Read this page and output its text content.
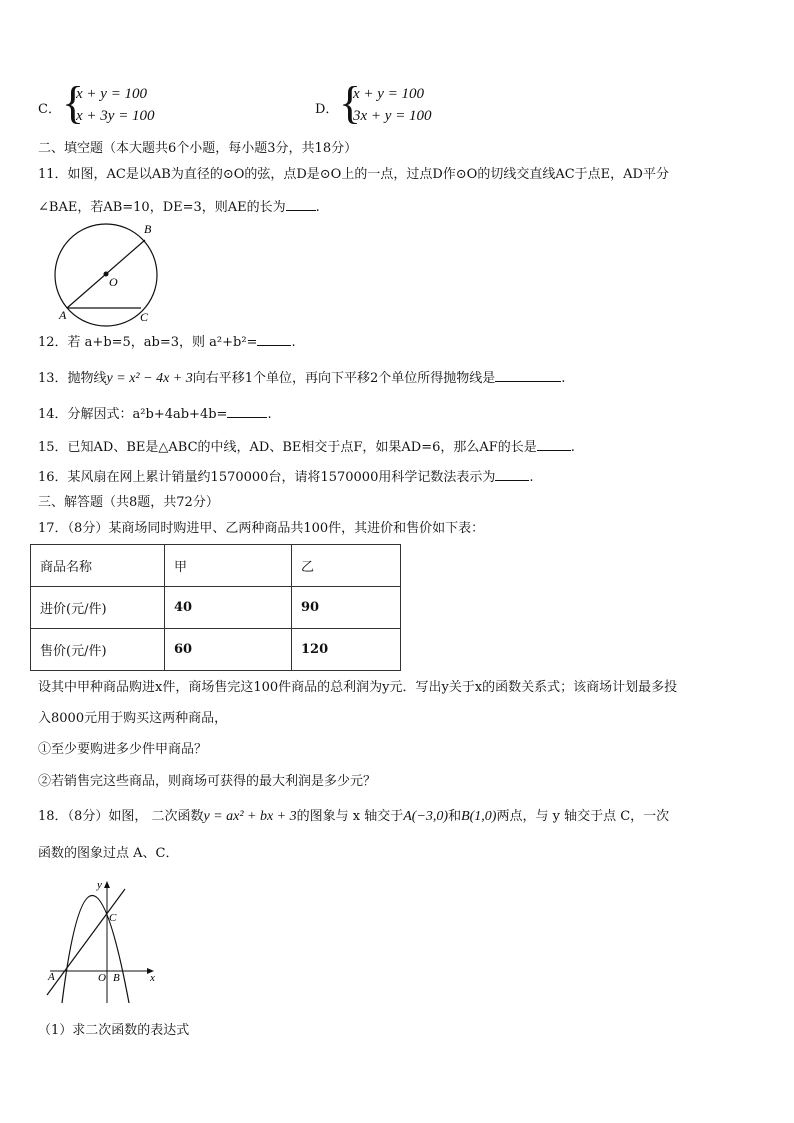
C． {
x + y = 100
x + 3y = 100	D． {
x + y = 100
3x + y = 100
二、填空题（本大题共6个小题，每小题3分，共18分）
11．如图，AC是以AB为直径的⊙O的弦，点D是⊙O上的一点，过点D作⊙O的切线交直线AC于点E，AD平分
∠BAE，若AB=10，DE=3，则AE的长为 .
B
O
A	C
12．若 a+b=5，ab=3，则 a²+b²=	.
13．抛物线y = x² − 4x + 3向右平移1个单位，再向下平移2个单位所得抛物线是	.
14．分解因式：a²b+4ab+4b=	.
15．已知AD、BE是△ABC的中线，AD、BE相交于点F，如果AD=6，那么AF的长是	.
16．某风扇在网上累计销量约1570000台，请将1570000用科学记数法表示为	.
三、解答题（共8题，共72分）
17．（8分）某商场同时购进甲、乙两种商品共100件，其进价和售价如下表：
商品名称	甲	乙
进价(元/件)	40	90
售价(元/件)	60	120
设其中甲种商品购进x件，商场售完这100件商品的总利润为y元．写出y关于x的函数关系式；该商场计划最多投
入8000元用于购买这两种商品，
①至少要购进多少件甲商品？
②若销售完这些商品，则商场可获得的最大利润是多少元？
18．（8分）如图， 二次函数y = ax² + bx + 3的图象与 x 轴交于A(−3,0)和B(1,0)两点，与 y 轴交于点 C，一次
函数的图象过点 A、C．
y
C
A	O B	x
（1）求二次函数的表达式
